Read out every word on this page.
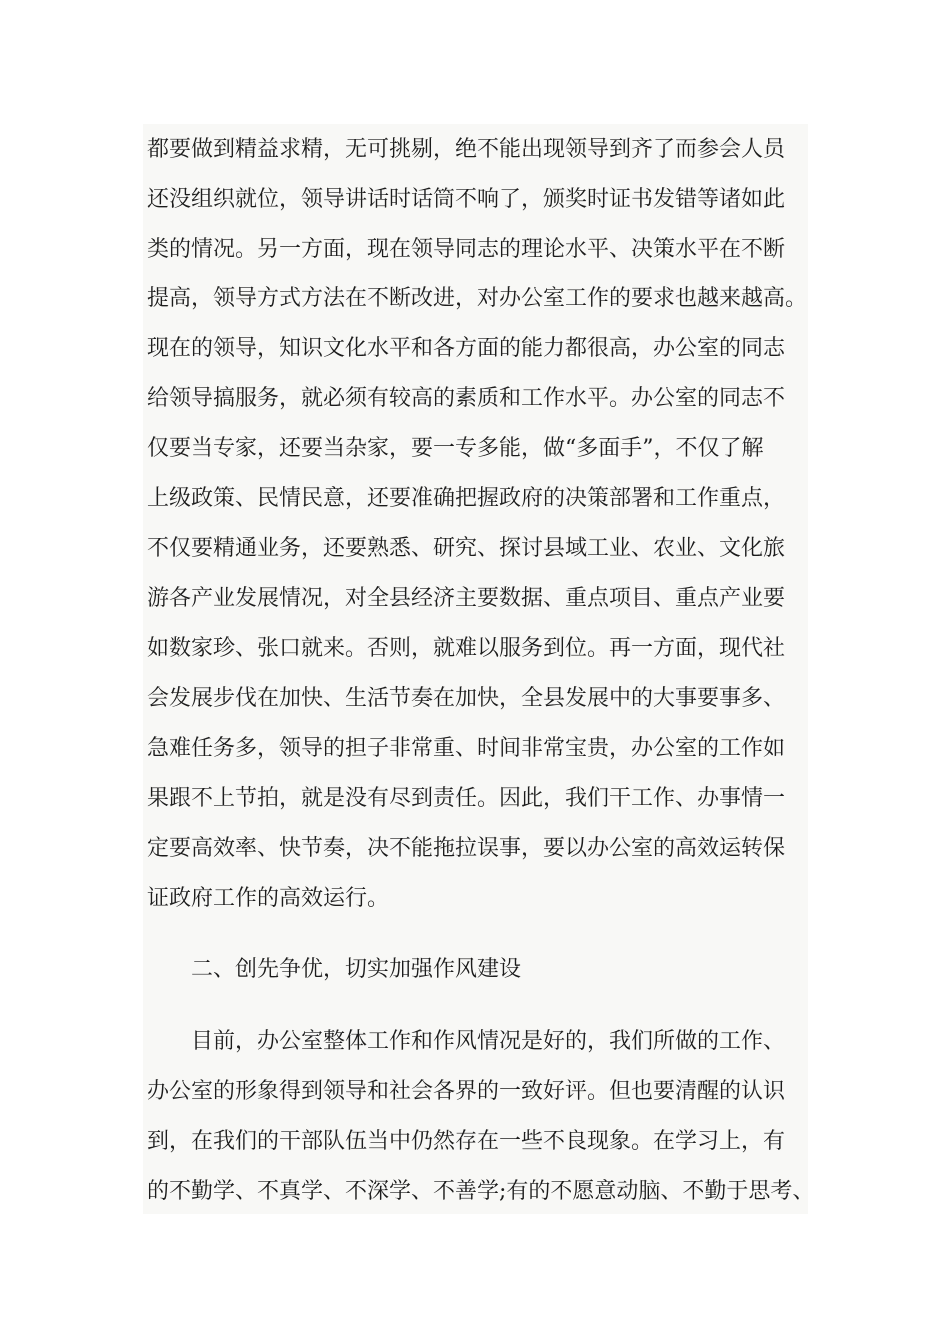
都要做到精益求精，无可挑剔，绝不能出现领导到齐了而参会人员
还没组织就位，领导讲话时话筒不响了，颁奖时证书发错等诸如此
类的情况。另一方面，现在领导同志的理论水平、决策水平在不断
提高，领导方式方法在不断改进，对办公室工作的要求也越来越高。
现在的领导，知识文化水平和各方面的能力都很高，办公室的同志
给领导搞服务，就必须有较高的素质和工作水平。办公室的同志不
仅要当专家，还要当杂家，要一专多能，做“多面手”，不仅了解
上级政策、民情民意，还要准确把握政府的决策部署和工作重点，
不仅要精通业务，还要熟悉、研究、探讨县域工业、农业、文化旅
游各产业发展情况，对全县经济主要数据、重点项目、重点产业要
如数家珍、张口就来。否则，就难以服务到位。再一方面，现代社
会发展步伐在加快、生活节奏在加快，全县发展中的大事要事多、
急难任务多，领导的担子非常重、时间非常宝贵，办公室的工作如
果跟不上节拍，就是没有尽到责任。因此，我们干工作、办事情一
定要高效率、快节奏，决不能拖拉误事，要以办公室的高效运转保
证政府工作的高效运行。
二、创先争优，切实加强作风建设
目前，办公室整体工作和作风情况是好的，我们所做的工作、
办公室的形象得到领导和社会各界的一致好评。但也要清醒的认识
到，在我们的干部队伍当中仍然存在一些不良现象。在学习上，有
的不勤学、不真学、不深学、不善学;有的不愿意动脑、不勤于思考、
